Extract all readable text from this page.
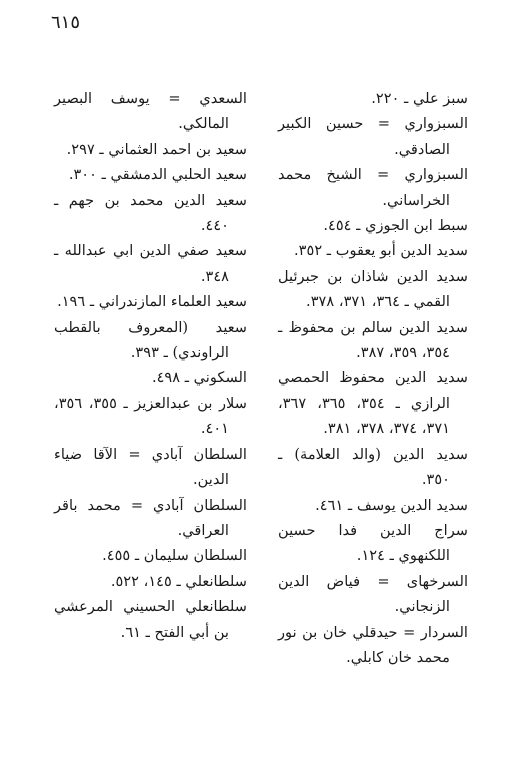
٦١٥

سبز علي ـ ٢٢٠.

السبزواري = حسين الكبير الصادقي.

السبزواري = الشيخ محمد الخراساني.

سبط ابن الجوزي ـ ٤٥٤.

سديد الدين أبو يعقوب ـ ٣٥٢.

سديد الدين شاذان بن جبرئيل القمي ـ ٣٦٤، ٣٧١، ٣٧٨.

سديد الدين سالم بن محفوظ ـ ٣٥٤، ٣٥٩، ٣٨٧.

سديد الدين محفوظ الحمصي الرازي ـ ٣٥٤، ٣٦٥، ٣٦٧، ٣٧١، ٣٧٤، ٣٧٨، ٣٨١.

سديد الدين (والد العلامة) ـ ٣٥٠.

سديد الدين يوسف ـ ٤٦١.

سراج الدين فدا حسين اللكنهوي ـ ١٢٤.

السرخهاى = فياض الدين الزنجاني.

السردار = حيدقلي خان بن نور محمد خان كابلي.

السعدي = يوسف البصير المالكي.

سعيد بن احمد العثماني ـ ٢٩٧.

سعيد الحلبي الدمشقي ـ ٣٠٠.

سعيد الدين محمد بن جهم ـ ٤٤٠.

سعيد صفي الدين ابي عبدالله ـ ٣٤٨.

سعيد العلماء المازندراني ـ ١٩٦.

سعيد (المعروف بالقطب الراوندي) ـ ٣٩٣.

السكوني ـ ٤٩٨.

سلار بن عبدالعزيز ـ ٣٥٥، ٣٥٦، ٤٠١.

السلطان آبادي = الآقا ضياء الدين.

السلطان آبادي = محمد باقر العراقي.

السلطان سليمان ـ ٤٥٥.

سلطانعلي ـ ١٤٥، ٥٢٢.

سلطانعلي الحسيني المرعشي بن أبي الفتح ـ ٦١.
